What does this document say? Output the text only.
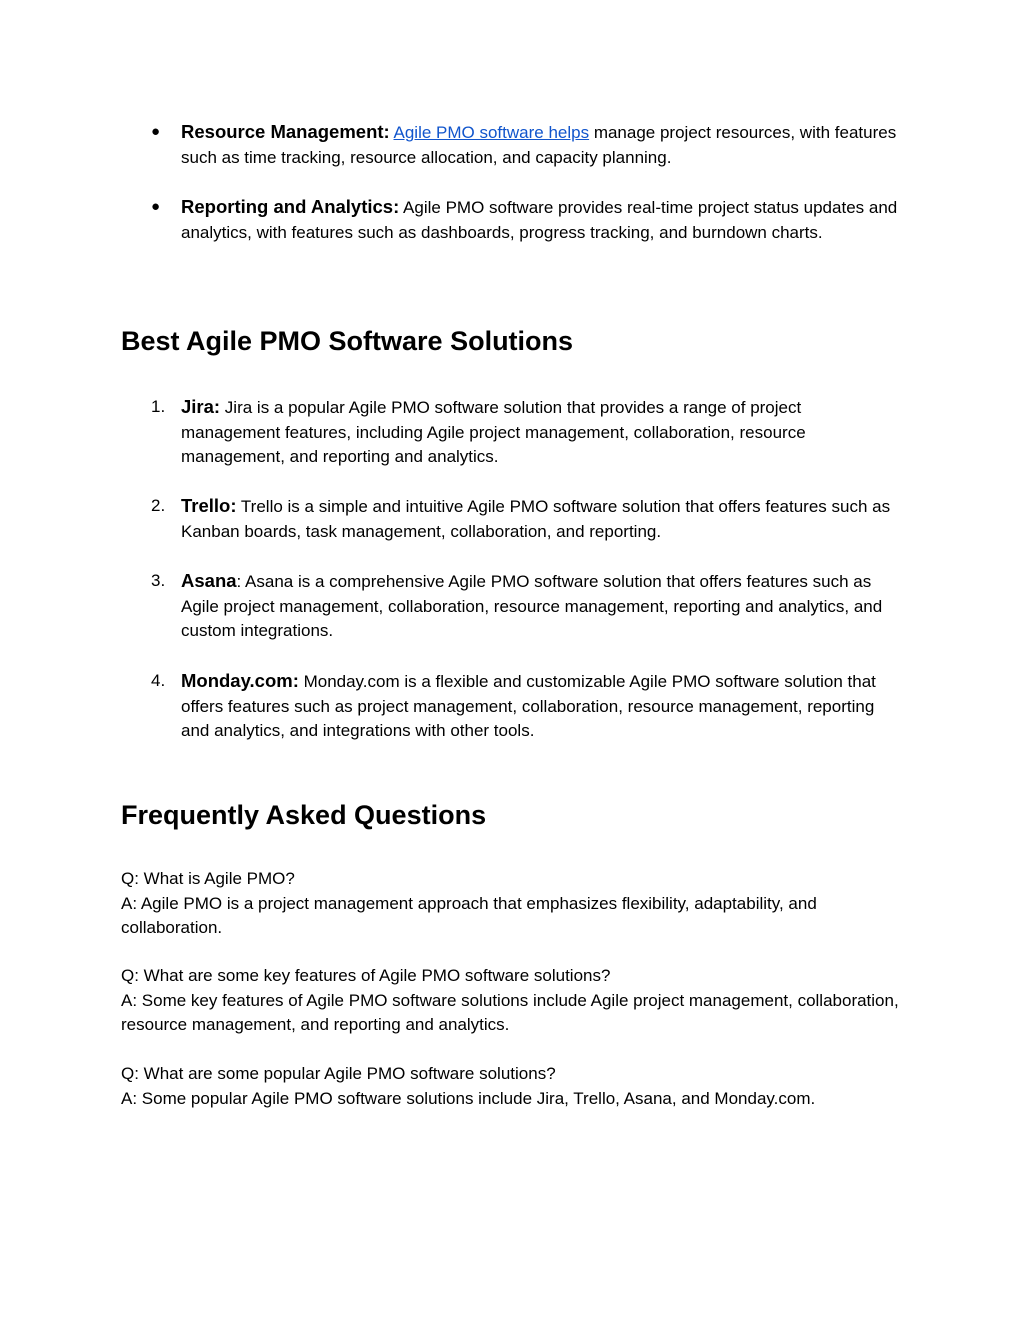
● Resource Management: Agile PMO software helps manage project resources, with features such as time tracking, resource allocation, and capacity planning.
● Reporting and Analytics: Agile PMO software provides real-time project status updates and analytics, with features such as dashboards, progress tracking, and burndown charts.
Best Agile PMO Software Solutions
1. Jira: Jira is a popular Agile PMO software solution that provides a range of project management features, including Agile project management, collaboration, resource management, and reporting and analytics.
2. Trello: Trello is a simple and intuitive Agile PMO software solution that offers features such as Kanban boards, task management, collaboration, and reporting.
3. Asana: Asana is a comprehensive Agile PMO software solution that offers features such as Agile project management, collaboration, resource management, reporting and analytics, and custom integrations.
4. Monday.com: Monday.com is a flexible and customizable Agile PMO software solution that offers features such as project management, collaboration, resource management, reporting and analytics, and integrations with other tools.
Frequently Asked Questions
Q: What is Agile PMO?
A: Agile PMO is a project management approach that emphasizes flexibility, adaptability, and collaboration.
Q: What are some key features of Agile PMO software solutions?
A: Some key features of Agile PMO software solutions include Agile project management, collaboration, resource management, and reporting and analytics.
Q: What are some popular Agile PMO software solutions?
A: Some popular Agile PMO software solutions include Jira, Trello, Asana, and Monday.com.
